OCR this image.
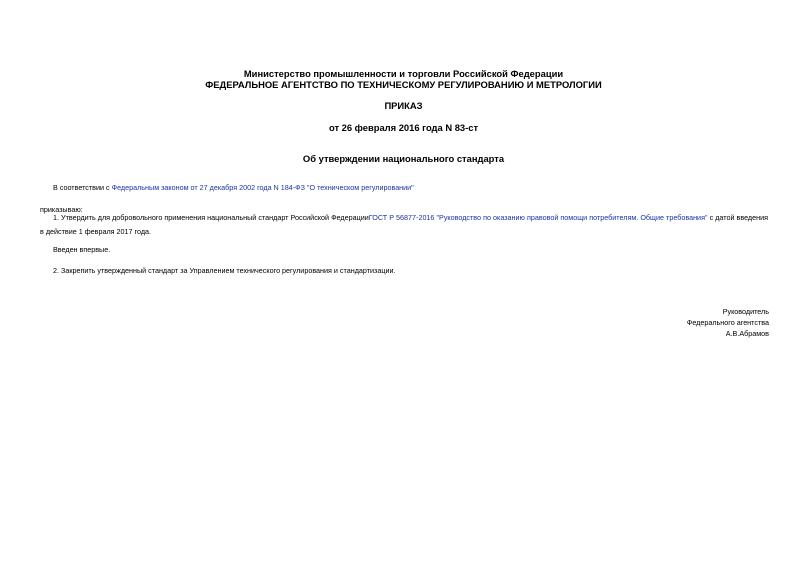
Министерство промышленности и торговли Российской Федерации
ФЕДЕРАЛЬНОЕ АГЕНТСТВО ПО ТЕХНИЧЕСКОМУ РЕГУЛИРОВАНИЮ И МЕТРОЛОГИИ
ПРИКАЗ
от 26 февраля 2016 года N 83-ст
Об утверждении национального стандарта
В соответствии с Федеральным законом от 27 декабря 2002 года N 184-ФЗ "О техническом регулировании"
приказываю:
1. Утвердить для добровольного применения национальный стандарт Российской ФедерацииГОСТ Р 56877-2016 "Руководство по оказанию правовой помощи потребителям. Общие требования" с датой введения в действие 1 февраля 2017 года.
Введен впервые.
2. Закрепить утвержденный стандарт за Управлением технического регулирования и стандартизации.
Руководитель
Федерального агентства
А.В.Абрамов
